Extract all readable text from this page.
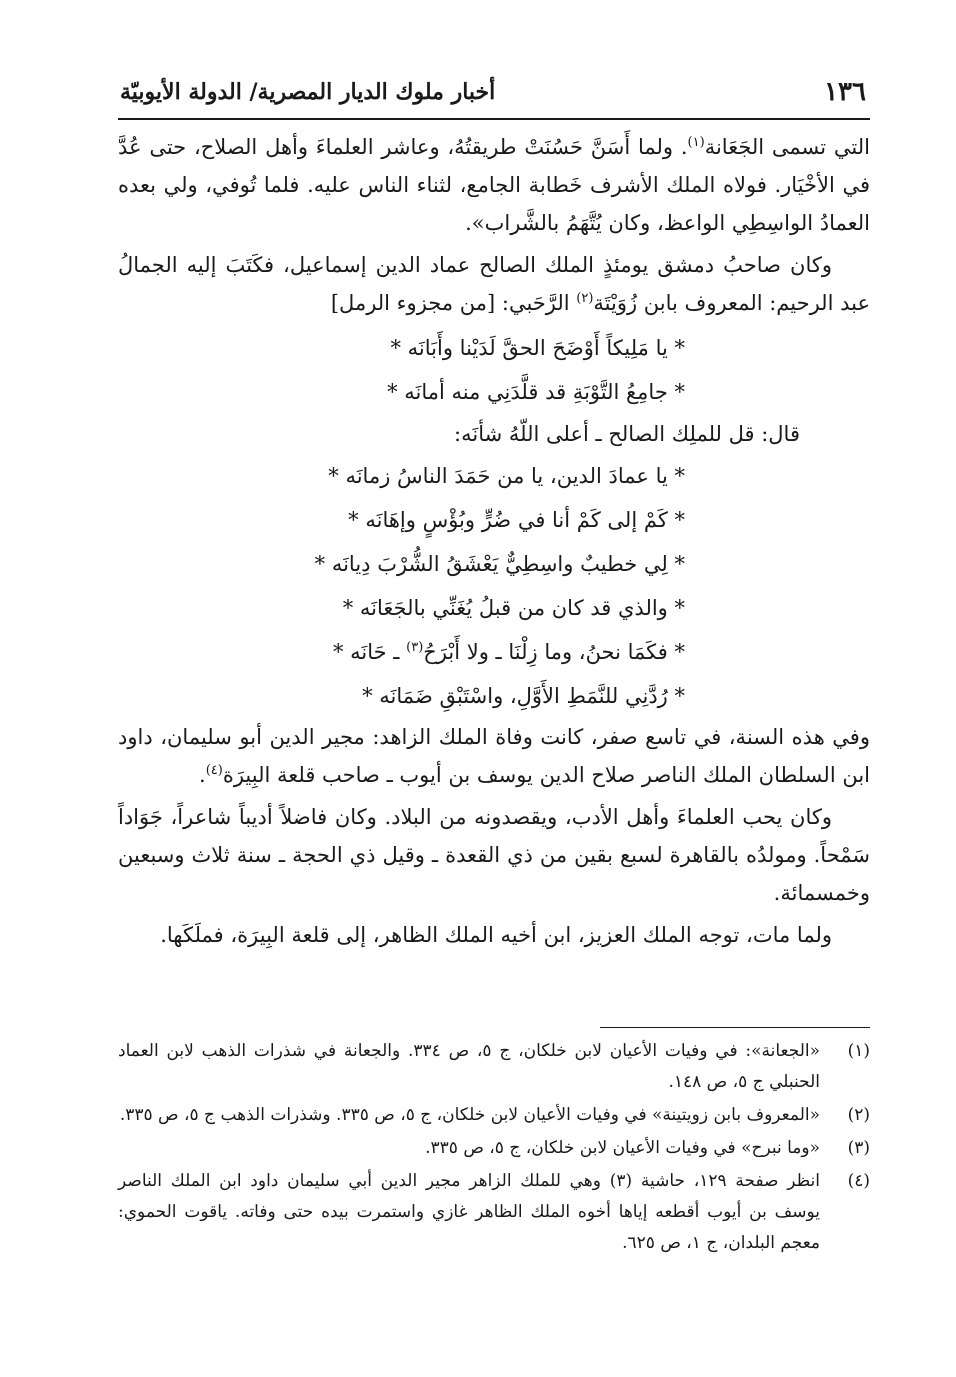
١٣٦
أخبار ملوك الديار المصرية/ الدولة الأيوبيّة

التي تسمى الجَعَانة$^{(١)}$. ولما أَسَنَّ حَسُنَتْ طريقتُهُ، وعاشر العلماءَ وأهل الصلاح، حتى عُدَّ في الأخْيَار. فولاه الملك الأشرف خَطابة الجامع، لثناء الناس عليه. فلما تُوفي، ولي بعده العمادُ الواسِطِي الواعظ، وكان يُتَّهَمُ بالشَّراب».

وكان صاحبُ دمشق يومئذٍ الملك الصالح عماد الدين إسماعيل، فكَتَبَ إليه الجمالُ عبد الرحيم: المعروف بابن زُوَيْتَة$^{(٢)}$ الرَّحَبي: [من مجزوء الرمل]

* يا مَلِيكاً أَوْضَحَ الحقَّ لَدَيْنا وأَبَانَه *
* جامِعُ التَّوْبَةِ قد قلَّدَنِي منه أمانَه *
قال: قل للملِك الصالح ـ أعلى اللّهُ شأنَه:
* يا عمادَ الدين، يا من حَمَدَ الناسُ زمانَه *
* كَمْ إلى كَمْ أنا في ضُرٍّ وبُؤْسٍ وإهَانَه *
* لِي خطيبٌ واسِطِيٌّ يَعْشَقُ الشُّرْبَ دِيانَه *
* والذي قد كان من قبلُ يُغَنِّي بالجَعَانَه *
* فكَمَا نحنُ، وما زِلْنَا ـ ولا أَبْرَحُ$^{(٣)}$ ـ حَانَه *
* رُدَّنِي للنَّمَطِ الأَوَّلِ، واسْتَبْقِ ضَمَانَه *

وفي هذه السنة، في تاسع صفر، كانت وفاة الملك الزاهد: مجير الدين أبو سليمان، داود ابن السلطان الملك الناصر صلاح الدين يوسف بن أيوب ـ صاحب قلعة البِيرَة$^{(٤)}$.

وكان يحب العلماءَ وأهل الأدب، ويقصدونه من البلاد. وكان فاضلاً أديباً شاعراً، جَوَاداً سَمْحاً. ومولدُه بالقاهرة لسبع بقين من ذي القعدة ـ وقيل ذي الحجة ـ سنة ثلاث وسبعين وخمسمائة.

ولما مات، توجه الملك العزيز، ابن أخيه الملك الظاهر، إلى قلعة البِيرَة، فملَكَها.

(١)
«الجعانة»: في وفيات الأعيان لابن خلكان، ج ٥، ص ٣٣٤. والجعانة في شذرات الذهب لابن العماد الحنبلي ج ٥، ص ١٤٨.
(٢)
«المعروف بابن زويتينة» في وفيات الأعيان لابن خلكان، ج ٥، ص ٣٣٥. وشذرات الذهب ج ٥، ص ٣٣٥.
(٣)
«وما نبرح» في وفيات الأعيان لابن خلكان، ج ٥، ص ٣٣٥.
(٤)
انظر صفحة ١٢٩، حاشية (٣) وهي للملك الزاهر مجير الدين أبي سليمان داود ابن الملك الناصر يوسف بن أيوب أقطعه إياها أخوه الملك الظاهر غازي واستمرت بيده حتى وفاته. ياقوت الحموي: معجم البلدان، ج ١، ص ٦٢٥.
